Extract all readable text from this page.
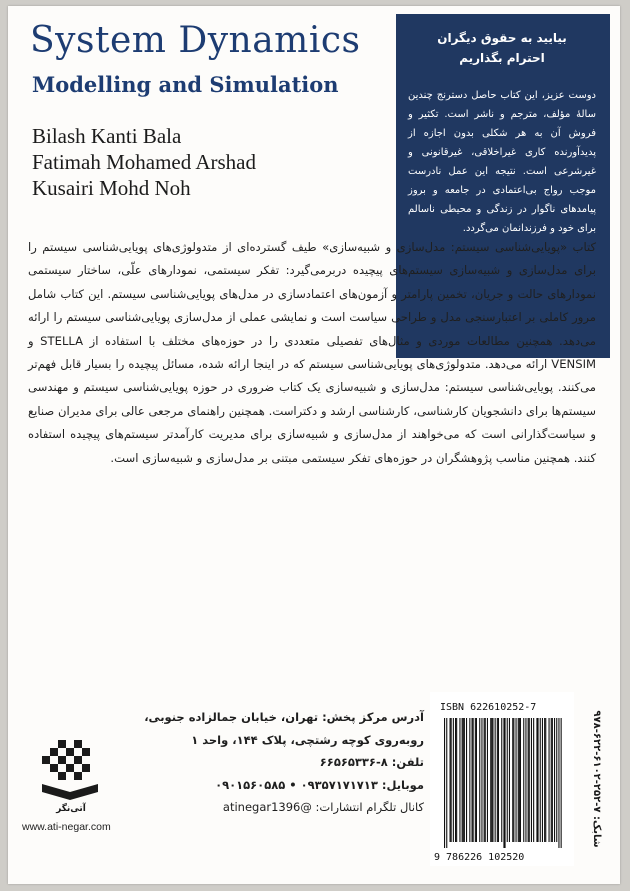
System Dynamics
Modelling and Simulation
Bilash Kanti Bala
Fatimah Mohamed Arshad
Kusairi Mohd Noh
بیایید به حقوق دیگران
احترام بگذاریم
دوست عزیز، این کتاب حاصل دسترنج چندین سالهٔ مؤلف، مترجم و ناشر است. تکثیر و فروش آن به هر شکلی بدون اجازه از پدیدآورنده کاری غیراخلاقی، غیرقانونی و غیرشرعی است. نتیجه این عمل نادرست موجب رواج بی‌اعتمادی در جامعه و بروز پیامدهای ناگوار در زندگی و محیطی ناسالم برای خود و فرزندانمان می‌گردد.
کتاب «پویایی‌شناسی سیستم: مدل‌سازی و شبیه‌سازی» طیف گسترده‌ای از متدولوژی‌های پویایی‌شناسی سیستم را برای مدل‌سازی و شبیه‌سازی سیستم‌های پیچیده دربرمی‌گیرد: تفکر سیستمی، نمودارهای علّی، ساختار سیستمی نمودارهای حالت و جریان، تخمین پارامتر و آزمون‌های اعتمادسازی در مدل‌های پویایی‌شناسی سیستم. این کتاب شامل مرور کاملی بر اعتبارسنجی مدل و طراحی سیاست است و نمایشی عملی از مدل‌سازی پویایی‌شناسی سیستم را ارائه می‌دهد. همچنین مطالعات موردی و مثال‌های تفصیلی متعددی را در حوزه‌های مختلف با استفاده از STELLA و VENSIM ارائه می‌دهد. متدولوژی‌های پویایی‌شناسی سیستم که در اینجا ارائه شده، مسائل پیچیده را بسیار قابل فهم‌تر می‌کنند. پویایی‌شناسی سیستم: مدل‌سازی و شبیه‌سازی یک کتاب ضروری در حوزه پویایی‌شناسی سیستم و مهندسی سیستم‌ها برای دانشجویان کارشناسی، کارشناسی ارشد و دکتراست. همچنین راهنمای مرجعی عالی برای مدیران صنایع و سیاست‌گذارانی است که می‌خواهند از مدل‌سازی و شبیه‌سازی برای مدیریت کارآمدتر سیستم‌های پیچیده استفاده کنند. همچنین مناسب پژوهشگران در حوزه‌های تفکر سیستمی مبتنی بر مدل‌سازی و شبیه‌سازی است.
آدرس مرکز پخش: تهران، خیابان جمالزاده جنوبی،
روبه‌روی کوچه رشتچی، پلاک ۱۴۴، واحد ۱
تلفن: ۸-۶۶۵۶۵۳۳۶
موبایل: ۰۹۳۵۷۱۷۱۷۱۳ • ۰۹۰۱۵۶۰۵۸۵
کانال تلگرام انتشارات: @atinegar1396
آتی‌نگر
www.ati-negar.com
ISBN 622610252-7
9 786226 102520
شابک: ۷-۲۵۲-۶۱۰۲-۶۲۲-۹۷۸
